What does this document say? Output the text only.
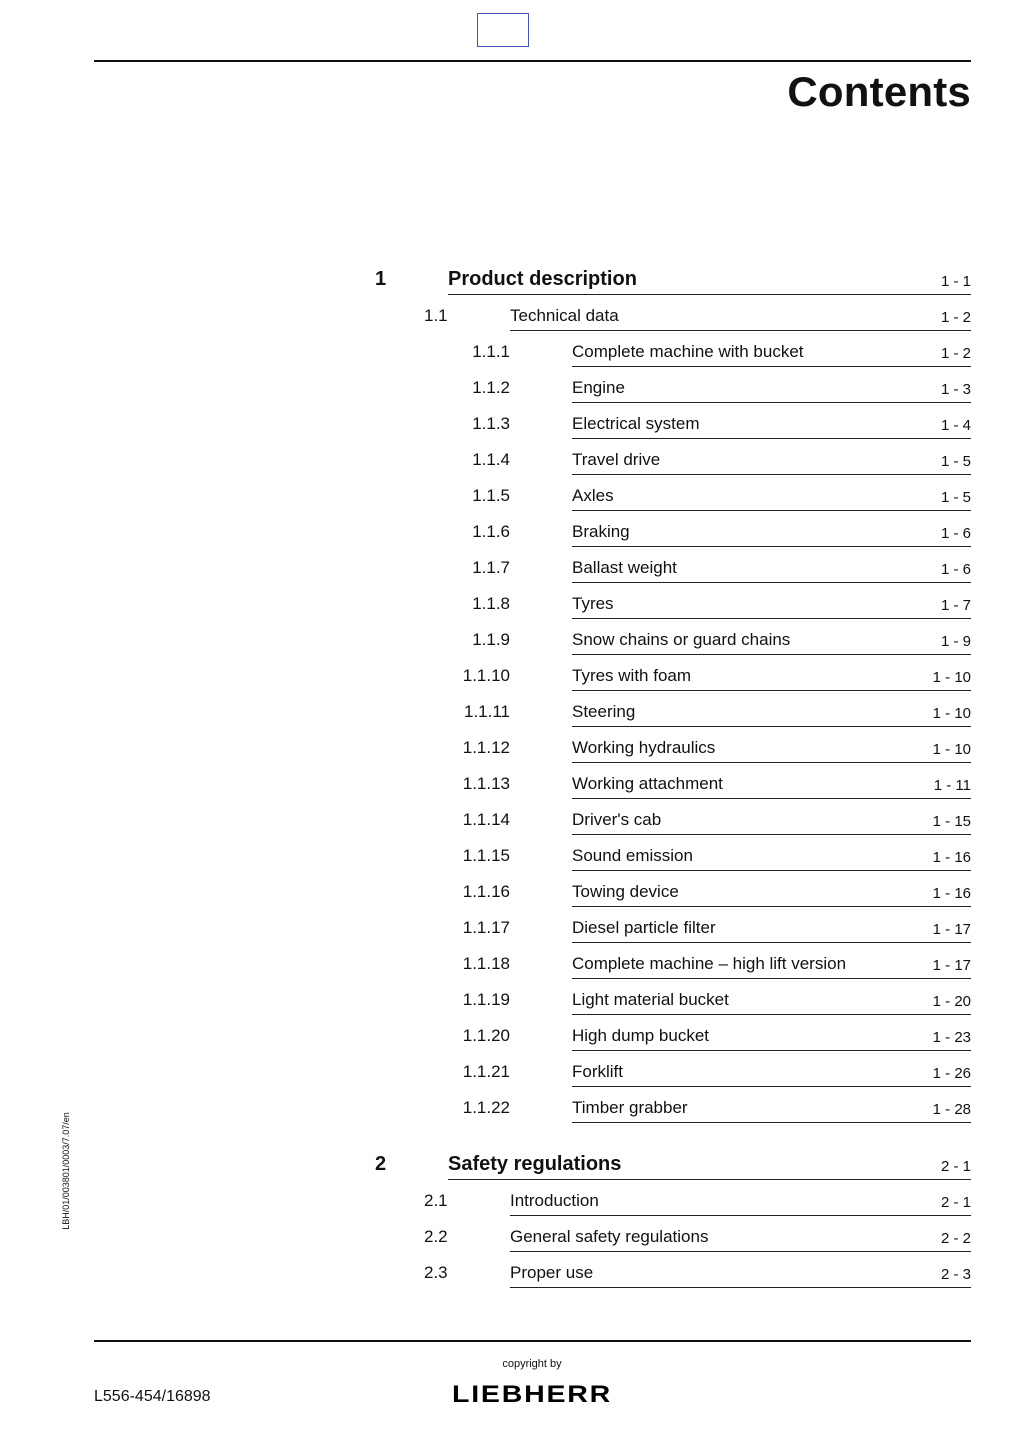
Contents
1	Product description	1 - 1
1.1	Technical data	1 - 2
1.1.1	Complete machine with bucket	1 - 2
1.1.2	Engine	1 - 3
1.1.3	Electrical system	1 - 4
1.1.4	Travel drive	1 - 5
1.1.5	Axles	1 - 5
1.1.6	Braking	1 - 6
1.1.7	Ballast weight	1 - 6
1.1.8	Tyres	1 - 7
1.1.9	Snow chains or guard chains	1 - 9
1.1.10	Tyres with foam	1 - 10
1.1.11	Steering	1 - 10
1.1.12	Working hydraulics	1 - 10
1.1.13	Working attachment	1 - 11
1.1.14	Driver's cab	1 - 15
1.1.15	Sound emission	1 - 16
1.1.16	Towing device	1 - 16
1.1.17	Diesel particle filter	1 - 17
1.1.18	Complete machine – high lift version	1 - 17
1.1.19	Light material bucket	1 - 20
1.1.20	High dump bucket	1 - 23
1.1.21	Forklift	1 - 26
1.1.22	Timber grabber	1 - 28
2	Safety regulations	2 - 1
2.1	Introduction	2 - 1
2.2	General safety regulations	2 - 2
2.3	Proper use	2 - 3
LBH/01/003801/0003/7.07/en
copyright by
L556-454/16898	LIEBHERR
